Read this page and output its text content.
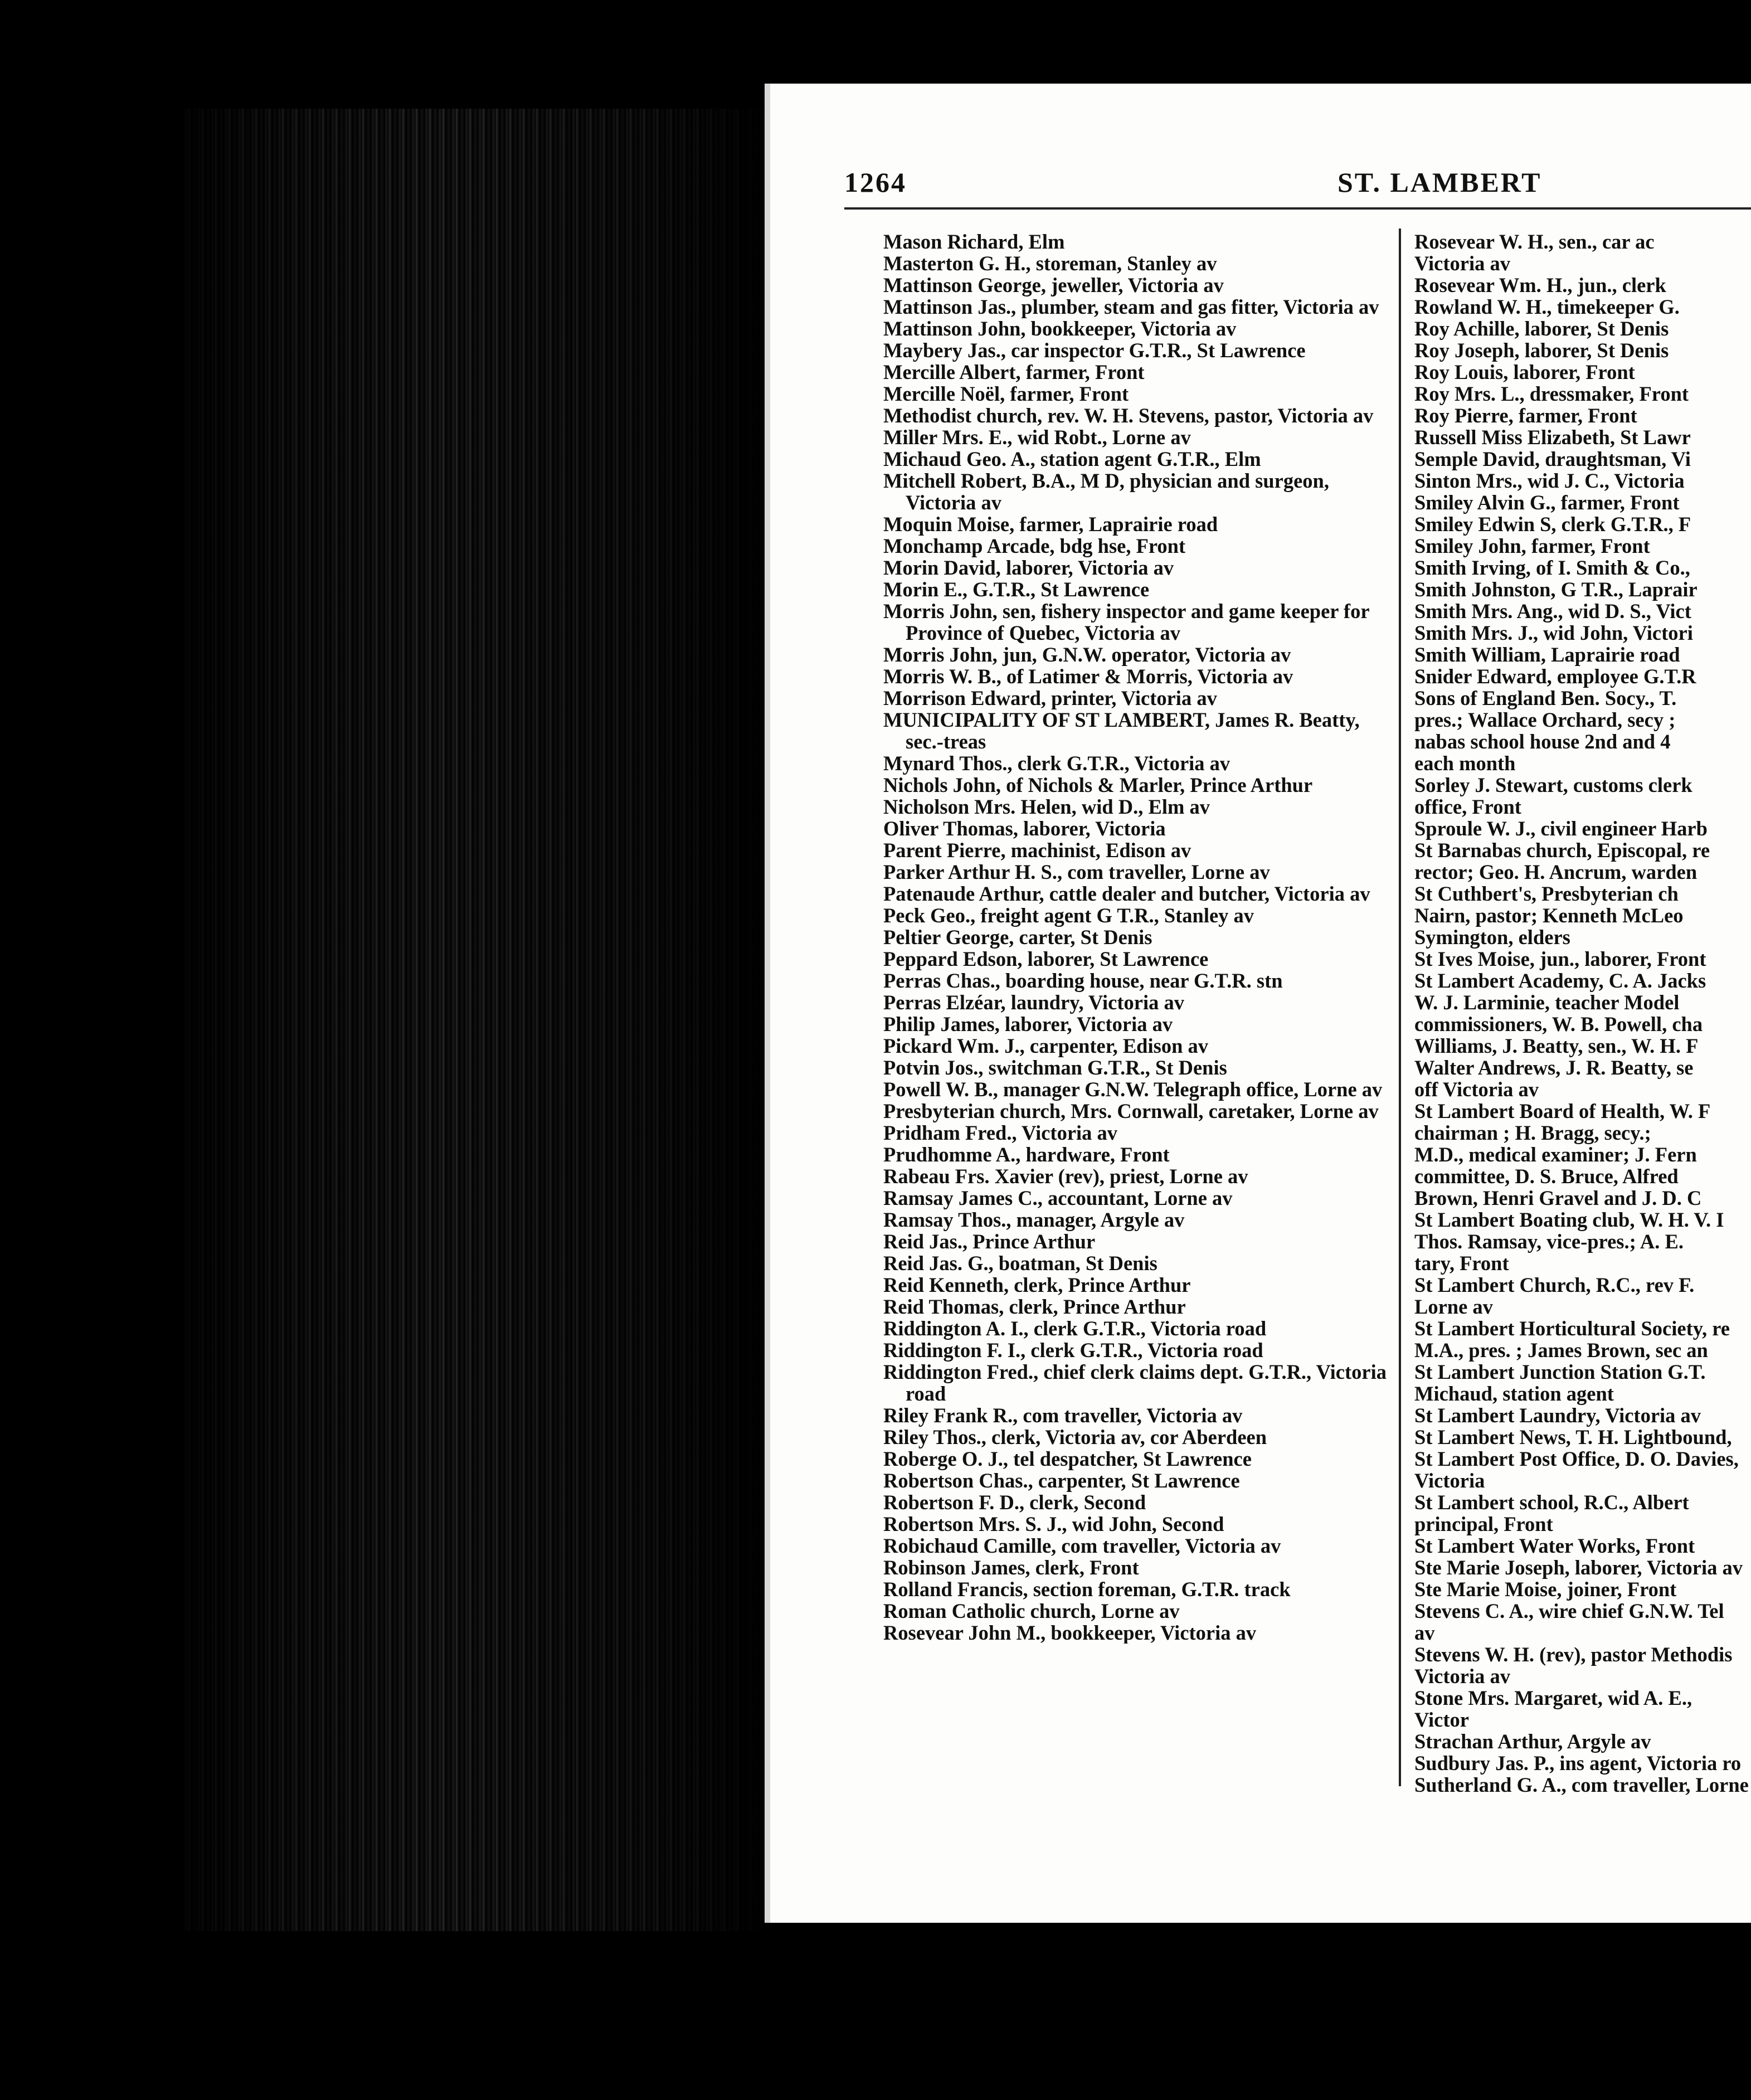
1264	ST. LAMBERT
Mason Richard, Elm
Masterton G. H., storeman, Stanley av
Mattinson George, jeweller, Victoria av
Mattinson Jas., plumber, steam and gas fitter, Victoria av
Mattinson John, bookkeeper, Victoria av
Maybery Jas., car inspector G.T.R., St Lawrence
Mercille Albert, farmer, Front
Mercille Noël, farmer, Front
Methodist church, rev. W. H. Stevens, pastor, Victoria av
Miller Mrs. E., wid Robt., Lorne av
Michaud Geo. A., station agent G.T.R., Elm
Mitchell Robert, B.A., M D, physician and surgeon, Victoria av
Moquin Moise, farmer, Laprairie road
Monchamp Arcade, bdg hse, Front
Morin David, laborer, Victoria av
Morin E., G.T.R., St Lawrence
Morris John, sen, fishery inspector and game keeper for Province of Quebec, Victoria av
Morris John, jun, G.N.W. operator, Victoria av
Morris W. B., of Latimer & Morris, Victoria av
Morrison Edward, printer, Victoria av
MUNICIPALITY OF ST LAMBERT, James R. Beatty, sec.-treas
Mynard Thos., clerk G.T.R., Victoria av
Nichols John, of Nichols & Marler, Prince Arthur
Nicholson Mrs. Helen, wid D., Elm av
Oliver Thomas, laborer, Victoria
Parent Pierre, machinist, Edison av
Parker Arthur H. S., com traveller, Lorne av
Patenaude Arthur, cattle dealer and butcher, Victoria av
Peck Geo., freight agent G T.R., Stanley av
Peltier George, carter, St Denis
Peppard Edson, laborer, St Lawrence
Perras Chas., boarding house, near G.T.R. stn
Perras Elzéar, laundry, Victoria av
Philip James, laborer, Victoria av
Pickard Wm. J., carpenter, Edison av
Potvin Jos., switchman G.T.R., St Denis
Powell W. B., manager G.N.W. Telegraph office, Lorne av
Presbyterian church, Mrs. Cornwall, caretaker, Lorne av
Pridham Fred., Victoria av
Prudhomme A., hardware, Front
Rabeau Frs. Xavier (rev), priest, Lorne av
Ramsay James C., accountant, Lorne av
Ramsay Thos., manager, Argyle av
Reid Jas., Prince Arthur
Reid Jas. G., boatman, St Denis
Reid Kenneth, clerk, Prince Arthur
Reid Thomas, clerk, Prince Arthur
Riddington A. I., clerk G.T.R., Victoria road
Riddington F. I., clerk G.T.R., Victoria road
Riddington Fred., chief clerk claims dept. G.T.R., Victoria road
Riley Frank R., com traveller, Victoria av
Riley Thos., clerk, Victoria av, cor Aberdeen
Roberge O. J., tel despatcher, St Lawrence
Robertson Chas., carpenter, St Lawrence
Robertson F. D., clerk, Second
Robertson Mrs. S. J., wid John, Second
Robichaud Camille, com traveller, Victoria av
Robinson James, clerk, Front
Rolland Francis, section foreman, G.T.R. track
Roman Catholic church, Lorne av
Rosevear John M., bookkeeper, Victoria av
Rosevear W. H., sen., car ac
Victoria av
Rosevear Wm. H., jun., clerk
Rowland W. H., timekeeper G.
Roy Achille, laborer, St Denis
Roy Joseph, laborer, St Denis
Roy Louis, laborer, Front
Roy Mrs. L., dressmaker, Front
Roy Pierre, farmer, Front
Russell Miss Elizabeth, St Lawr
Semple David, draughtsman, Vi
Sinton Mrs., wid J. C., Victoria
Smiley Alvin G., farmer, Front
Smiley Edwin S, clerk G.T.R., F
Smiley John, farmer, Front
Smith Irving, of I. Smith & Co.,
Smith Johnston, G T.R., Laprair
Smith Mrs. Ang., wid D. S., Vict
Smith Mrs. J., wid John, Victori
Smith William, Laprairie road
Snider Edward, employee G.T.R
Sons of England Ben. Socy., T.
pres.; Wallace Orchard, secy ;
nabas school house 2nd and 4
each month
Sorley J. Stewart, customs clerk
office, Front
Sproule W. J., civil engineer Harb
St Barnabas church, Episcopal, re
rector; Geo. H. Ancrum, warden
St Cuthbert's, Presbyterian ch
Nairn, pastor; Kenneth McLeo
Symington, elders
St Ives Moise, jun., laborer, Front
St Lambert Academy, C. A. Jacks
W. J. Larminie, teacher Model
commissioners, W. B. Powell, cha
Williams, J. Beatty, sen., W. H. F
Walter Andrews, J. R. Beatty, se
off Victoria av
St Lambert Board of Health, W. F
chairman ; H. Bragg, secy.;
M.D., medical examiner; J. Fern
committee, D. S. Bruce, Alfred
Brown, Henri Gravel and J. D. C
St Lambert Boating club, W. H. V. I
Thos. Ramsay, vice-pres.; A. E.
tary, Front
St Lambert Church, R.C., rev F.
Lorne av
St Lambert Horticultural Society, re
M.A., pres. ; James Brown, sec an
St Lambert Junction Station G.T.
Michaud, station agent
St Lambert Laundry, Victoria av
St Lambert News, T. H. Lightbound,
St Lambert Post Office, D. O. Davies,
Victoria
St Lambert school, R.C., Albert
principal, Front
St Lambert Water Works, Front
Ste Marie Joseph, laborer, Victoria av
Ste Marie Moise, joiner, Front
Stevens C. A., wire chief G.N.W. Tel
av
Stevens W. H. (rev), pastor Methodis
Victoria av
Stone Mrs. Margaret, wid A. E., Victor
Strachan Arthur, Argyle av
Sudbury Jas. P., ins agent, Victoria ro
Sutherland G. A., com traveller, Lorne
